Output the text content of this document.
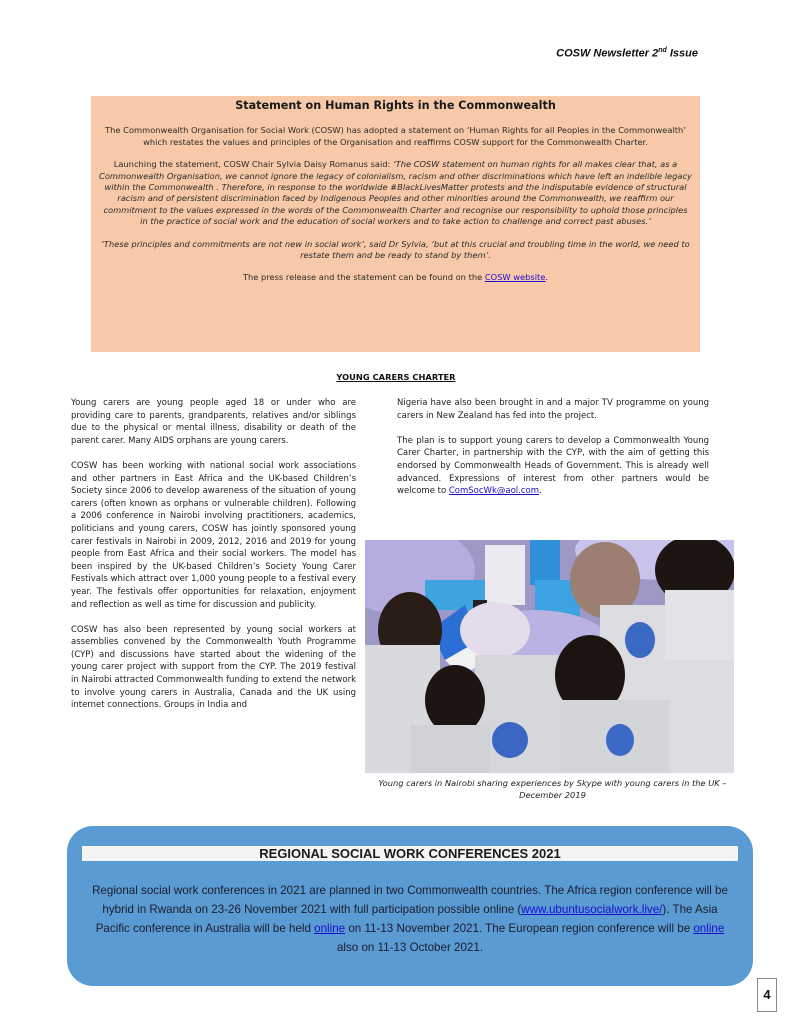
COSW Newsletter 2nd Issue
Statement on Human Rights in the Commonwealth

The Commonwealth Organisation for Social Work (COSW) has adopted a statement on ‘Human Rights for all Peoples in the Commonwealth’ which restates the values and principles of the Organisation and reaffirms COSW support for the Commonwealth Charter.

Launching the statement, COSW Chair Sylvia Daisy Romanus said: ‘The COSW statement on human rights for all makes clear that, as a Commonwealth Organisation, we cannot ignore the legacy of colonialism, racism and other discriminations which have left an indelible legacy within the Commonwealth . Therefore, in response to the worldwide #BlackLivesMatter protests and the indisputable evidence of structural racism and of persistent discrimination faced by Indigenous Peoples and other minorities around the Commonwealth, we reaffirm our commitment to the values expressed in the words of the Commonwealth Charter and recognise our responsibility to uphold those principles in the practice of social work and the education of social workers and to take action to challenge and correct past abuses.’

‘These principles and commitments are not new in social work’, said Dr Sylvia, ‘but at this crucial and troubling time in the world, we need to restate them and be ready to stand by them’.

The press release and the statement can be found on the COSW website.

YOUNG CARERS CHARTER

Young carers are young people aged 18 or under who are providing care to parents, grandparents, relatives and/or siblings due to the physical or mental illness, disability or death of the parent carer. Many AIDS orphans are young carers.

COSW has been working with national social work associations and other partners in East Africa and the UK-based Children’s Society since 2006 to develop awareness of the situation of young carers (often known as orphans or vulnerable children). Following a 2006 conference in Nairobi involving practitioners, academics, politicians and young carers, COSW has jointly sponsored young carer festivals in Nairobi in 2009, 2012, 2016 and 2019 for young people from East Africa and their social workers. The model has been inspired by the UK-based Children’s Society Young Carer Festivals which attract over 1,000 young people to a festival every year. The festivals offer opportunities for relaxation, enjoyment and reflection as well as time for discussion and publicity.

COSW has also been represented by young social workers at assemblies convened by the Commonwealth Youth Programme (CYP) and discussions have started about the widening of the young carer project with support from the CYP. The 2019 festival in Nairobi attracted Commonwealth funding to extend the network to involve young carers in Australia, Canada and the UK using internet connections. Groups in India and

Nigeria have also been brought in and a major TV programme on young carers in New Zealand has fed into the project.

The plan is to support young carers to develop a Commonwealth Young Carer Charter, in partnership with the CYP, with the aim of getting this endorsed by Commonwealth Heads of Government. This is already well advanced. Expressions of interest from other partners would be welcome to ComSocWk@aol.com.

Young carers in Nairobi sharing experiences by Skype with young carers in the UK – December 2019
REGIONAL SOCIAL WORK CONFERENCES 2021
Regional social work conferences in 2021 are planned in two Commonwealth countries. The Africa region conference will be hybrid in Rwanda on 23-26 November 2021 with full participation possible online (www.ubuntusocialwork.live/). The Asia Pacific conference in Australia will be held online on 11-13 November 2021. The European region conference will be online also on 11-13 October 2021.
4
